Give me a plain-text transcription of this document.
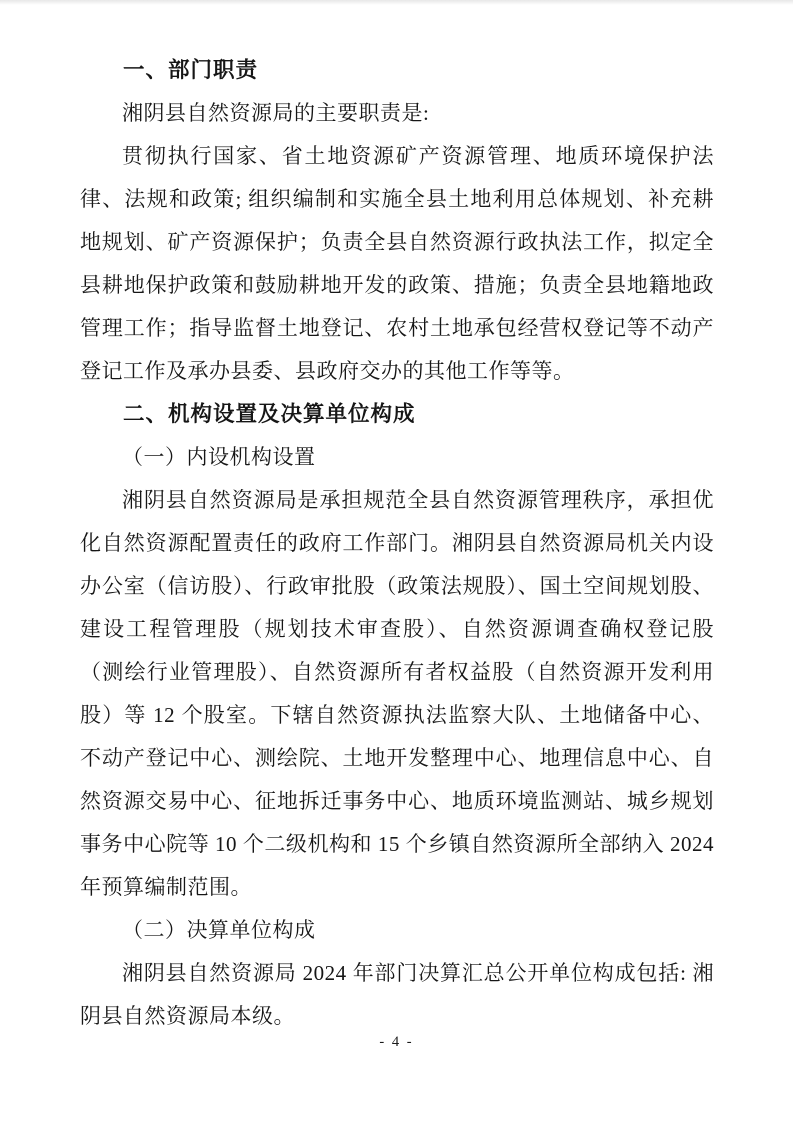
一、部门职责

湘阴县自然资源局的主要职责是:

贯彻执行国家、省土地资源矿产资源管理、地质环境保护法律、法规和政策; 组织编制和实施全县土地利用总体规划、补充耕地规划、矿产资源保护；负责全县自然资源行政执法工作，拟定全县耕地保护政策和鼓励耕地开发的政策、措施；负责全县地籍地政管理工作；指导监督土地登记、农村土地承包经营权登记等不动产登记工作及承办县委、县政府交办的其他工作等等。

二、机构设置及决算单位构成

（一）内设机构设置

湘阴县自然资源局是承担规范全县自然资源管理秩序，承担优化自然资源配置责任的政府工作部门。湘阴县自然资源局机关内设办公室（信访股）、行政审批股（政策法规股）、国土空间规划股、建设工程管理股（规划技术审查股）、自然资源调查确权登记股（测绘行业管理股）、自然资源所有者权益股（自然资源开发利用股）等 12 个股室。下辖自然资源执法监察大队、土地储备中心、不动产登记中心、测绘院、土地开发整理中心、地理信息中心、自然资源交易中心、征地拆迁事务中心、地质环境监测站、城乡规划事务中心院等 10 个二级机构和 15 个乡镇自然资源所全部纳入 2024 年预算编制范围。

（二）决算单位构成

湘阴县自然资源局 2024 年部门决算汇总公开单位构成包括: 湘阴县自然资源局本级。

- 4 -
